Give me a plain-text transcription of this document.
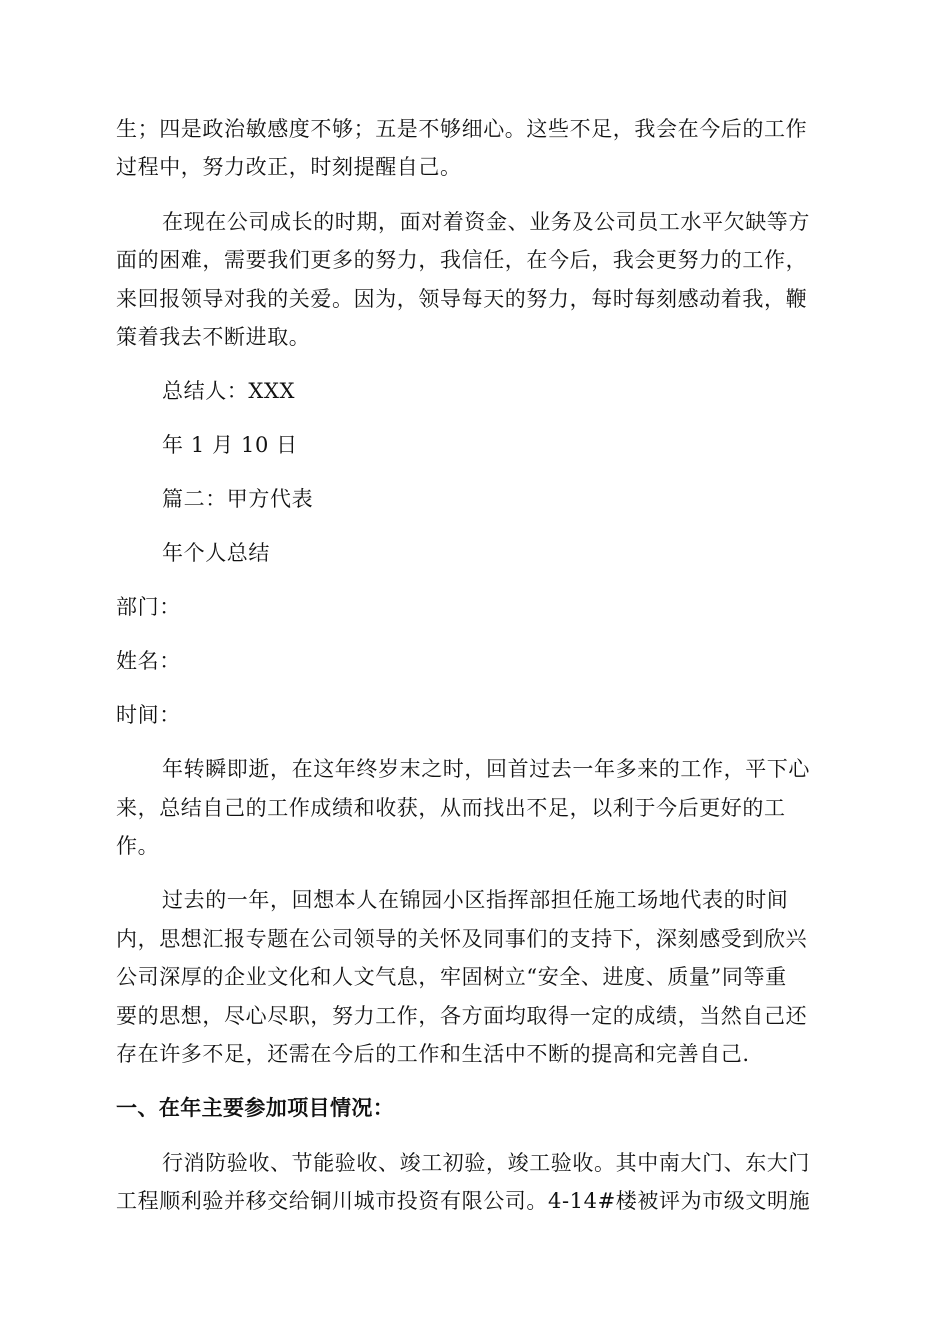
生；四是政治敏感度不够；五是不够细心。这些不足，我会在今后的工作
过程中，努力改正，时刻提醒自己。
在现在公司成长的时期，面对着资金、业务及公司员工水平欠缺等方
面的困难，需要我们更多的努力，我信任，在今后，我会更努力的工作，
来回报领导对我的关爱。因为，领导每天的努力，每时每刻感动着我，鞭
策着我去不断进取。
总结人：XXX
年 1 月 10 日
篇二：甲方代表
年个人总结
部门：
姓名：
时间：
年转瞬即逝，在这年终岁末之时，回首过去一年多来的工作，平下心
来，总结自己的工作成绩和收获，从而找出不足，以利于今后更好的工
作。
过去的一年，回想本人在锦园小区指挥部担任施工场地代表的时间
内，思想汇报专题在公司领导的关怀及同事们的支持下，深刻感受到欣兴
公司深厚的企业文化和人文气息，牢固树立“安全、进度、质量”同等重
要的思想，尽心尽职，努力工作，各方面均取得一定的成绩，当然自己还
存在许多不足，还需在今后的工作和生活中不断的提高和完善自己.
一、在年主要参加项目情况：
行消防验收、节能验收、竣工初验，竣工验收。其中南大门、东大门
工程顺利验并移交给铜川城市投资有限公司。4-14#楼被评为市级文明施
